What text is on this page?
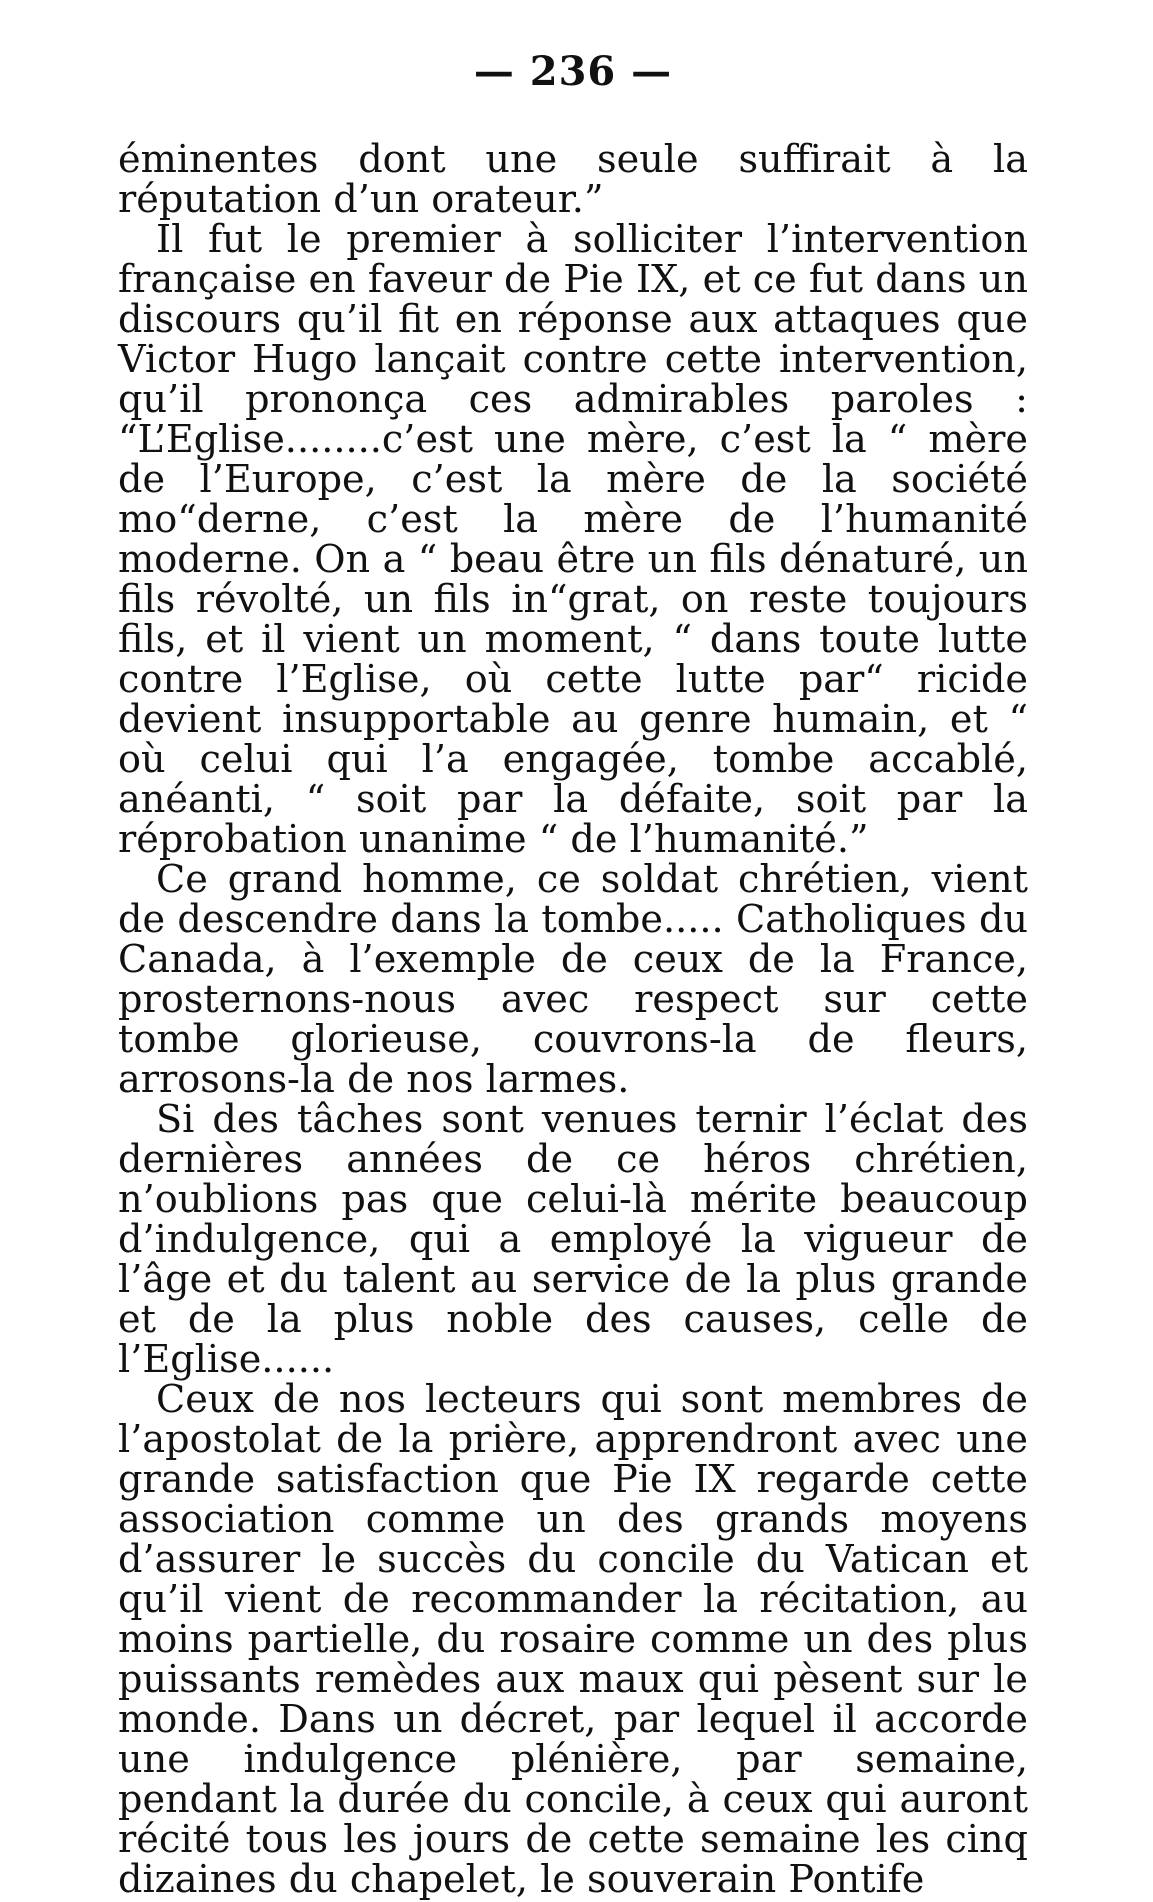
— 236 —

éminentes dont une seule suffirait à la réputation d’un orateur.”

Il fut le premier à solliciter l’intervention française en faveur de Pie IX, et ce fut dans un discours qu’il fit en réponse aux attaques que Victor Hugo lançait contre cette intervention, qu’il prononça ces admirables paroles : “L’Eglise........c’est une mère, c’est la “ mère de l’Europe, c’est la mère de la société mo“derne, c’est la mère de l’humanité moderne. On a “ beau être un fils dénaturé, un fils révolté, un fils in“grat, on reste toujours fils, et il vient un moment, “ dans toute lutte contre l’Eglise, où cette lutte par“ ricide devient insupportable au genre humain, et “ où celui qui l’a engagée, tombe accablé, anéanti, “ soit par la défaite, soit par la réprobation unanime “ de l’humanité.”

Ce grand homme, ce soldat chrétien, vient de descendre dans la tombe..... Catholiques du Canada, à l’exemple de ceux de la France, prosternons-nous avec respect sur cette tombe glorieuse, couvrons-la de fleurs, arrosons-la de nos larmes.

Si des tâches sont venues ternir l’éclat des dernières années de ce héros chrétien, n’oublions pas que celui-là mérite beaucoup d’indulgence, qui a employé la vigueur de l’âge et du talent au service de la plus grande et de la plus noble des causes, celle de l’Eglise......

Ceux de nos lecteurs qui sont membres de l’apostolat de la prière, apprendront avec une grande satisfaction que Pie IX regarde cette association comme un des grands moyens d’assurer le succès du concile du Vatican et qu’il vient de recommander la récitation, au moins partielle, du rosaire comme un des plus puissants remèdes aux maux qui pèsent sur le monde. Dans un décret, par lequel il accorde une indulgence plénière, par semaine, pendant la durée du concile, à ceux qui auront récité tous les jours de cette semaine les cinq dizaines du chapelet, le souverain Pontife
